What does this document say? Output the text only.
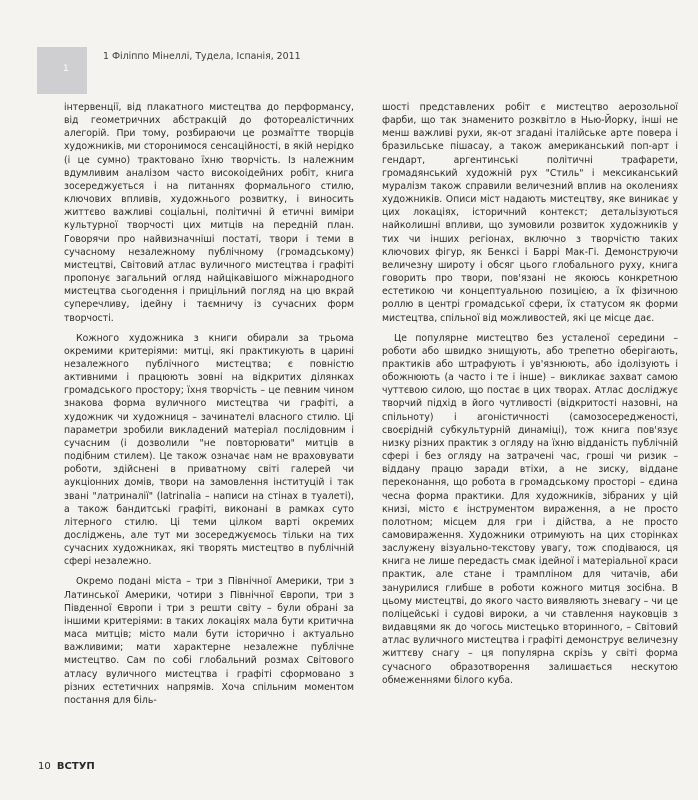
1
1 Філіппо Мінеллі, Тудела, Іспанія, 2011

інтервенції, від плакатного мистецтва до перформансу, від геометричних абстракцій до фотореалістичних алегорій. При тому, розбираючи це розмаїтте творців художників, ми сторонимося сенсаційності, в якій нерідко (і це сумно) трактовано їхню творчість. Із належним вдумливим аналізом часто високоідейних робіт, книга зосереджується і на питаннях формального стилю, ключових впливів, художнього розвитку, і виносить життєво важливі соціальні, політичні й етичні виміри культурної творчості цих митців на передній план. Говорячи про найвизначніші постаті, твори і теми в сучасному незалежному публічному (громадському) мистецтві, Світовий атлас вуличного мистецтва і графіті пропонує загальний огляд найцікавішого міжнародного мистецтва сьогодення і прицільний погляд на цю вкрай суперечливу, ідейну і таємничу із сучасних форм творчості.

Кожного художника з книги обирали за трьома окремими критеріями: митці, які практикують в царині незалежного публічного мистецтва; є повністю активними і працюють зовні на відкритих ділянках громадського простору; їхня творчість – це певним чином знакова форма вуличного мистецтва чи графіті, а художник чи художниця – зачинателі власного стилю. Ці параметри зробили викладений матеріал послідовним і сучасним (і дозволили "не повторювати" митців в подібним стилем). Це також означає нам не враховувати роботи, здійснені в приватному світі галерей чи аукціонних домів, твори на замовлення інституцій і так звані "латриналії" (latrinalia – написи на стінах в туалеті), а також бандитські графіті, виконані в рамках суто літерного стилю. Ці теми цілком варті окремих досліджень, але тут ми зосереджуємось тільки на тих сучасних художниках, які творять мистецтво в публічній сфері незалежно.

Окремо подані міста – три з Північної Америки, три з Латинської Америки, чотири з Північної Європи, три з Південної Європи і три з решти світу – були обрані за іншими критеріями: в таких локаціях мала бути критична маса митців; місто мали бути історично і актуально важливими; мати характерне незалежне публічне мистецтво. Сам по собі глобальний розмах Світового атласу вуличного мистецтва і графіті сформовано з різних естетичних напрямів. Хоча спільним моментом постання для біль-

шості представлених робіт є мистецтво аерозольної фарби, що так знаменито розквітло в Нью-Йорку, інші не менш важливі рухи, як-от згадані італійське арте повера і бразильське пішасау, а також американський поп-арт і гендарт, аргентинські політичні трафарети, громадянський художній рух "Стиль" і мексиканський муралізм також справили величезний вплив на околениях художників. Описи міст надають мистецтву, яке виникає у цих локаціях, історичний контекст; детальізуються найколишні впливи, що зумовили розвиток художників у тих чи інших регіонах, включно з творчістю таких ключових фігур, як Бенксі і Баррі Мак-Гі. Демонструючи величезну широту і обсяг цього глобального руху, книга говорить про твори, пов'язані не якоюсь конкретною естетикою чи концептуальною позицією, а їх фізичною роллю в центрі громадської сфери, їх статусом як форми мистецтва, спільної від можливостей, які це місце дає.

Це популярне мистецтво без усталеної середини – роботи або швидко знищують, або трепетно оберігають, практиків або штрафують і ув'язнюють, або ідолізують і обожнюють (а часто і те і інше) – викликає захват самою чуттєвою силою, що постає в цих творах. Атлас досліджує творчий підхід в його чутливості (відкритості назовні, на спільноту) і агоністичності (самозосередженості, своєрідній субкультурній динаміці), тож книга пов'язує низку різних практик з огляду на їхню відданість публічній сфері і без огляду на затрачені час, гроші чи ризик – віддану працю заради втіхи, а не зиску, віддане переконання, що робота в громадському просторі – єдина чесна форма практики. Для художників, зібраних у цій книзі, місто є інструментом вираження, а не просто полотном; місцем для гри і дійства, а не просто самовираження. Художники отримують на цих сторінках заслужену візуально-текстову увагу, тож сподіваюся, ця книга не лише передасть смак ідейної і матеріальної краси практик, але стане і трампліном для читачів, аби занурилися глибше в роботи кожного митця зосібна. В цьому мистецтві, до якого часто виявляють зневагу – чи це поліцейські і судові вироки, а чи ставлення науковців з видавцями як до чогось мистецько вторинного, – Світовий атлас вуличного мистецтва і графіті демонструє величезну життєву снагу – ця популярна скрізь у світі форма сучасного образотворення залишається нескутою обмеженнями білого куба.

10 ВСТУП
